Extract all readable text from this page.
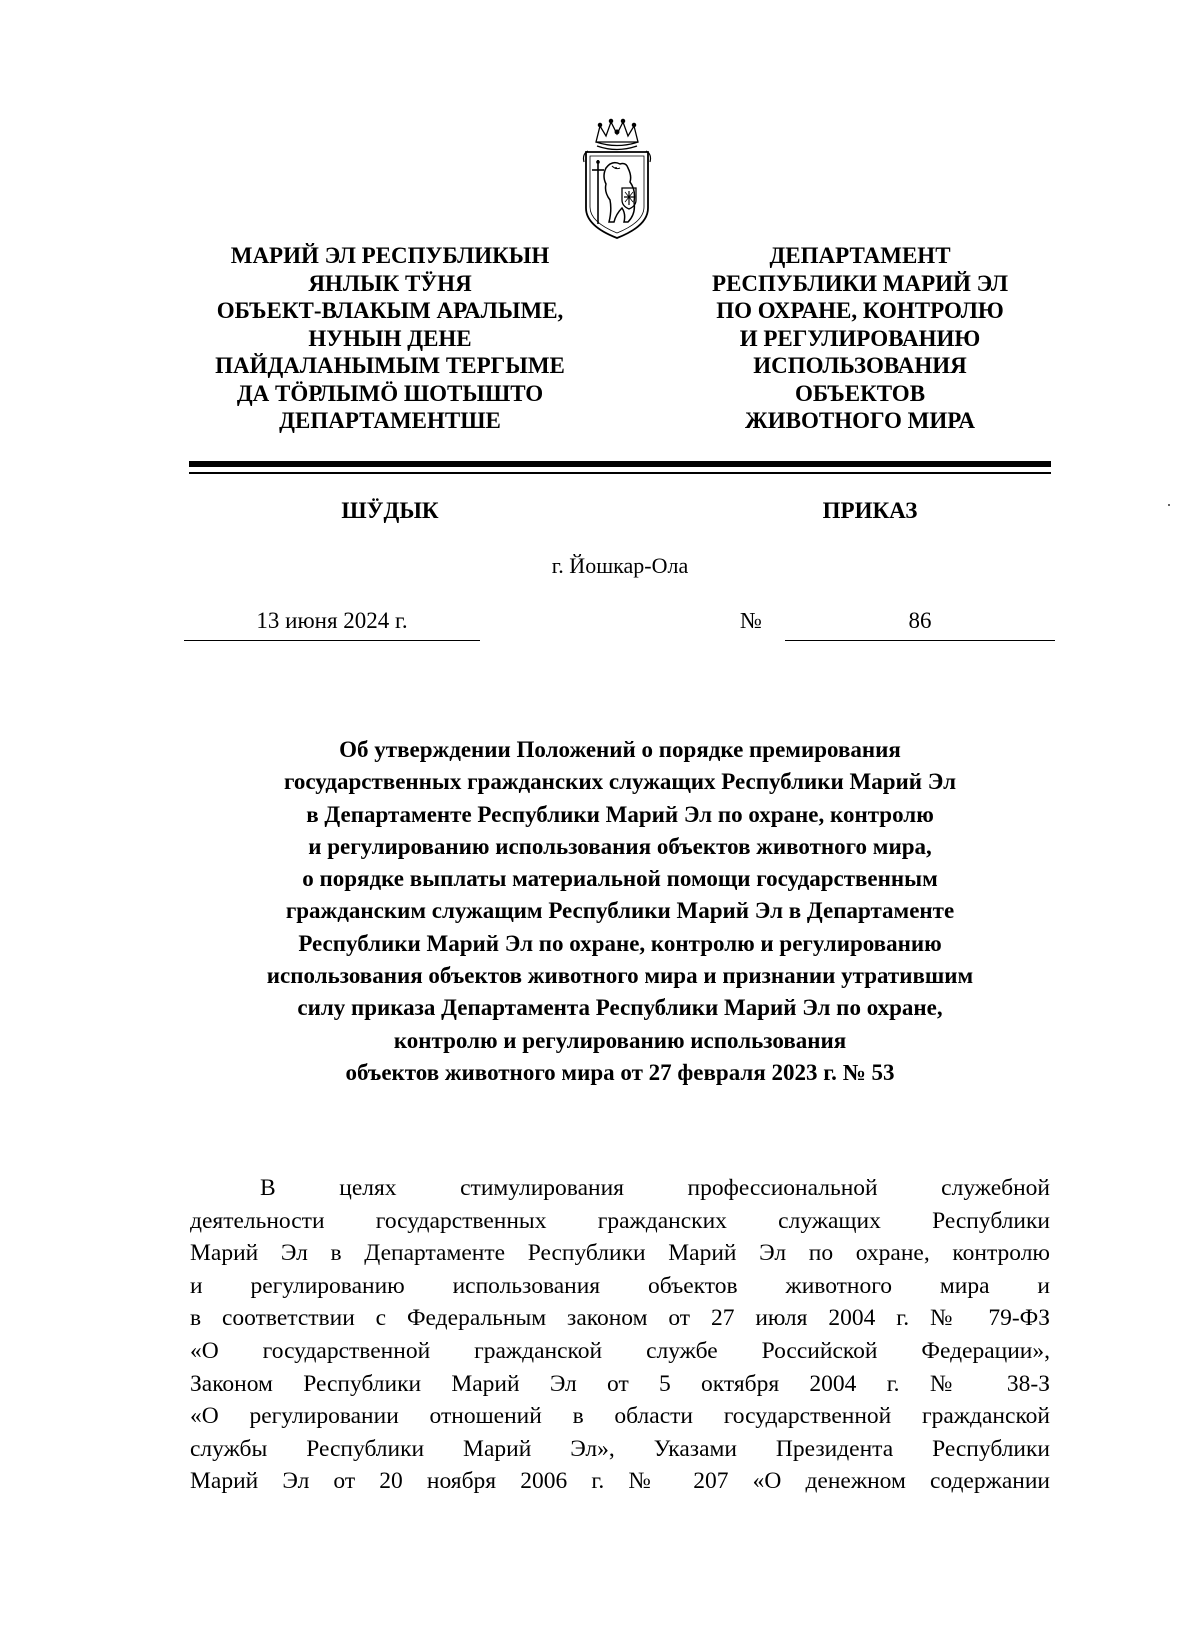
МАРИЙ ЭЛ РЕСПУБЛИКЫН
ЯНЛЫК ТӰНЯ
ОБЪЕКТ-ВЛАКЫМ АРАЛЫМЕ,
НУНЫН ДЕНЕ
ПАЙДАЛАНЫМЫМ ТЕРГЫМЕ
ДА ТӦРЛЫМӦ ШОТЫШТО
ДЕПАРТАМЕНТШЕ
ДЕПАРТАМЕНТ
РЕСПУБЛИКИ МАРИЙ ЭЛ
ПО ОХРАНЕ, КОНТРОЛЮ
И РЕГУЛИРОВАНИЮ
ИСПОЛЬЗОВАНИЯ
ОБЪЕКТОВ
ЖИВОТНОГО МИРА
ШӰДЫК	ПРИКАЗ
г. Йошкар-Ола
13 июня 2024 г.	№	86
Об утверждении Положений о порядке премирования
государственных гражданских служащих Республики Марий Эл
в Департаменте Республики Марий Эл по охране, контролю
и регулированию использования объектов животного мира,
о порядке выплаты материальной помощи государственным
гражданским служащим Республики Марий Эл в Департаменте
Республики Марий Эл по охране, контролю и регулированию
использования объектов животного мира и признании утратившим
силу приказа Департамента Республики Марий Эл по охране,
контролю и регулированию использования
объектов животного мира от 27 февраля 2023 г. № 53
В целях стимулирования профессиональной служебной
деятельности государственных гражданских служащих Республики
Марий Эл в Департаменте Республики Марий Эл по охране, контролю
и регулированию использования объектов животного мира и
в соответствии с Федеральным законом от 27 июля 2004 г. № 79-ФЗ
«О государственной гражданской службе Российской Федерации»,
Законом Республики Марий Эл от 5 октября 2004 г. № 38-З
«О регулировании отношений в области государственной гражданской
службы Республики Марий Эл», Указами Президента Республики
Марий Эл от 20 ноября 2006 г. № 207 «О денежном содержании
